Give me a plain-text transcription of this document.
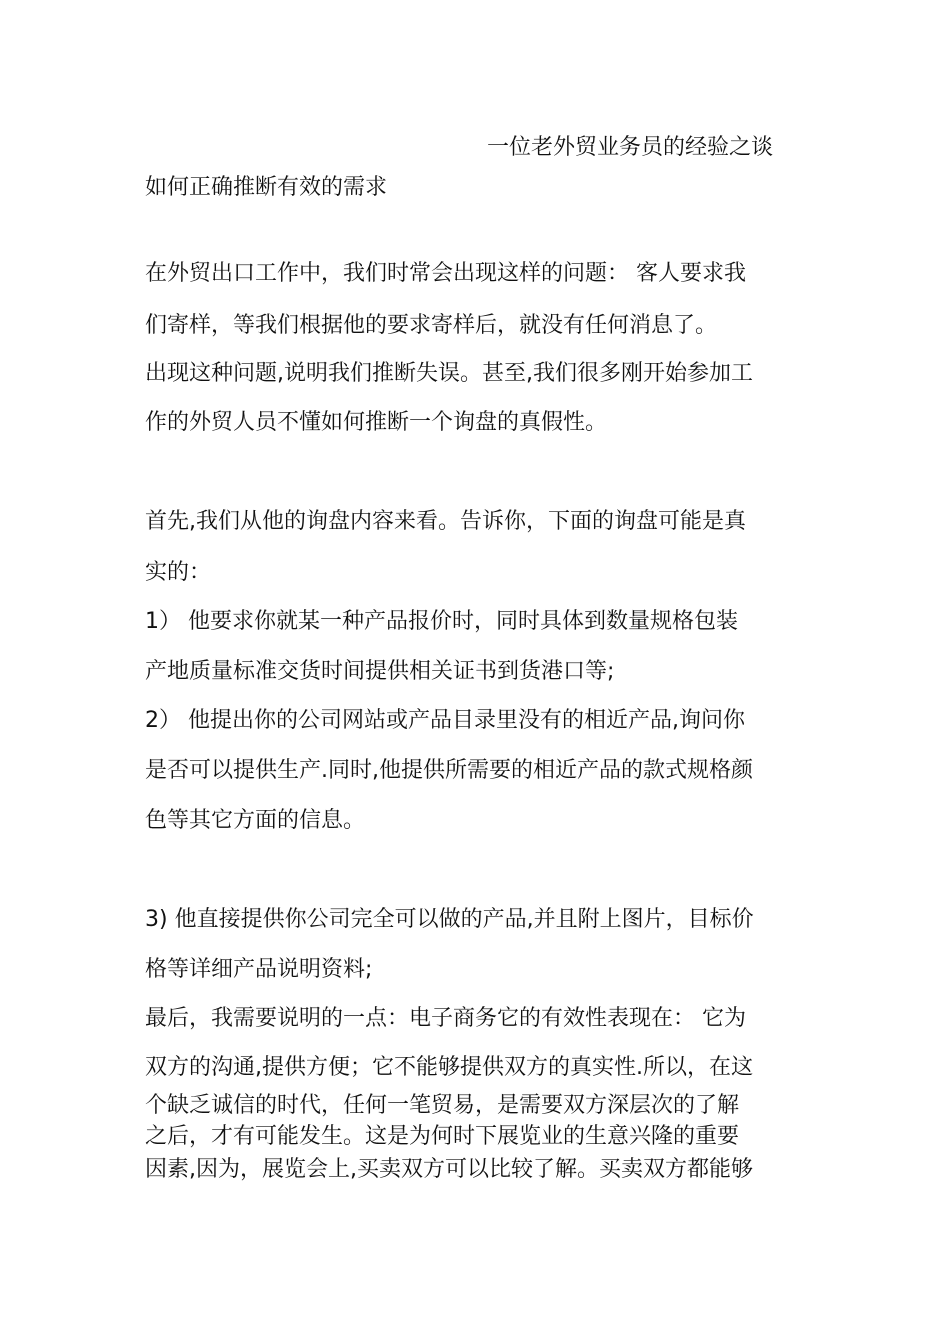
一位老外贸业务员的经验之谈
如何正确推断有效的需求
在外贸出口工作中，我们时常会出现这样的问题： 客人要求我
们寄样，等我们根据他的要求寄样后，就没有任何消息了。
出现这种问题,说明我们推断失误。甚至,我们很多刚开始参加工
作的外贸人员不懂如何推断一个询盘的真假性。
首先,我们从他的询盘内容来看。告诉你，下面的询盘可能是真
实的：
1） 他要求你就某一种产品报价时，同时具体到数量规格包装
产地质量标准交货时间提供相关证书到货港口等;
2） 他提出你的公司网站或产品目录里没有的相近产品,询问你
是否可以提供生产.同时,他提供所需要的相近产品的款式规格颜
色等其它方面的信息。
3) 他直接提供你公司完全可以做的产品,并且附上图片，目标价
格等详细产品说明资料;
最后，我需要说明的一点：电子商务它的有效性表现在： 它为
双方的沟通,提供方便；它不能够提供双方的真实性.所以，在这
个缺乏诚信的时代，任何一笔贸易，是需要双方深层次的了解
之后，才有可能发生。这是为何时下展览业的生意兴隆的重要
因素,因为，展览会上,买卖双方可以比较了解。买卖双方都能够
